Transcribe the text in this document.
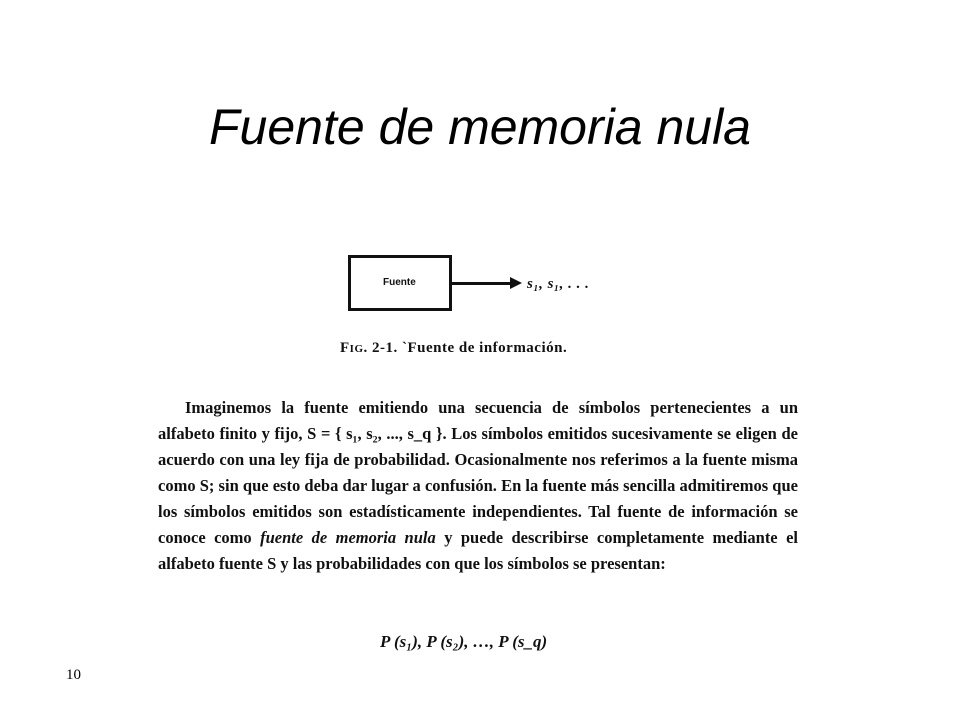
Fuente de memoria nula
Fuente	s₁, s₁, . . .
Fig. 2-1. `Fuente de información.
Imaginemos la fuente emitiendo una secuencia de símbolos pertenecientes a un alfabeto finito y fijo, S = { s₁, s₂, ..., s_q }. Los símbolos emitidos sucesivamente se eligen de acuerdo con una ley fija de probabilidad. Ocasionalmente nos referimos a la fuente misma como S; sin que esto deba dar lugar a confusión. En la fuente más sencilla admitiremos que los símbolos emitidos son estadísticamente independientes. Tal fuente de información se conoce como fuente de memoria nula y puede describirse completamente mediante el alfabeto fuente S y las probabilidades con que los símbolos se presentan:
P (s₁), P (s₂), …, P (s_q)
10
